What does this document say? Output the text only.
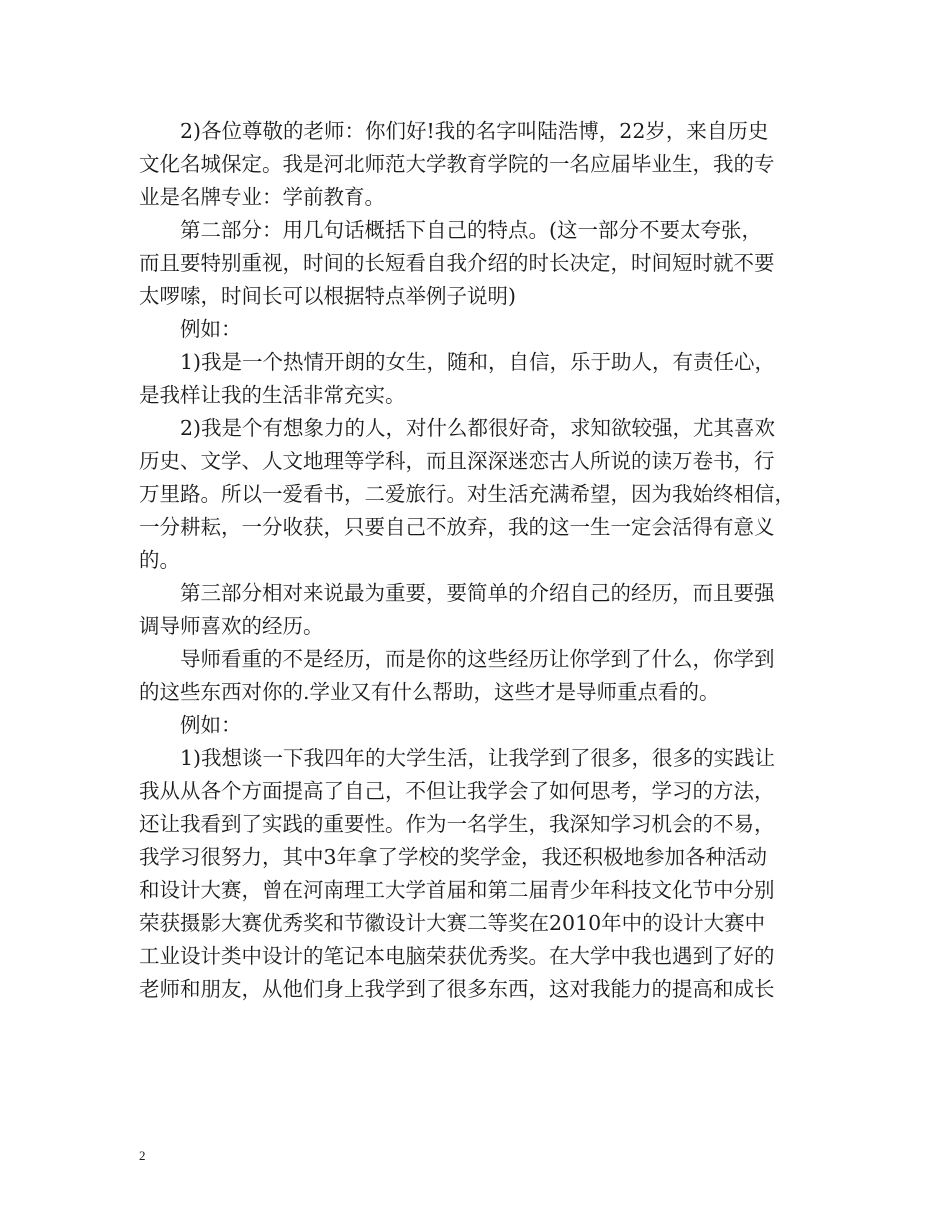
2)各位尊敬的老师：你们好!我的名字叫陆浩博，22岁，来自历史
文化名城保定。我是河北师范大学教育学院的一名应届毕业生，我的专
业是名牌专业：学前教育。
第二部分：用几句话概括下自己的特点。(这一部分不要太夸张，
而且要特别重视，时间的长短看自我介绍的时长决定，时间短时就不要
太啰嗦，时间长可以根据特点举例子说明)
例如：
1)我是一个热情开朗的女生，随和，自信，乐于助人，有责任心，
是我样让我的生活非常充实。
2)我是个有想象力的人，对什么都很好奇，求知欲较强，尤其喜欢
历史、文学、人文地理等学科，而且深深迷恋古人所说的读万卷书，行
万里路。所以一爱看书，二爱旅行。对生活充满希望，因为我始终相信，
一分耕耘，一分收获，只要自己不放弃，我的这一生一定会活得有意义
的。
第三部分相对来说最为重要，要简单的介绍自己的经历，而且要强
调导师喜欢的经历。
导师看重的不是经历，而是你的这些经历让你学到了什么，你学到
的这些东西对你的.学业又有什么帮助，这些才是导师重点看的。
例如：
1)我想谈一下我四年的大学生活，让我学到了很多，很多的实践让
我从从各个方面提高了自己，不但让我学会了如何思考，学习的方法，
还让我看到了实践的重要性。作为一名学生，我深知学习机会的不易，
我学习很努力，其中3年拿了学校的奖学金，我还积极地参加各种活动
和设计大赛，曾在河南理工大学首届和第二届青少年科技文化节中分别
荣获摄影大赛优秀奖和节徽设计大赛二等奖在2010年中的设计大赛中
工业设计类中设计的笔记本电脑荣获优秀奖。在大学中我也遇到了好的
老师和朋友，从他们身上我学到了很多东西，这对我能力的提高和成长
2
